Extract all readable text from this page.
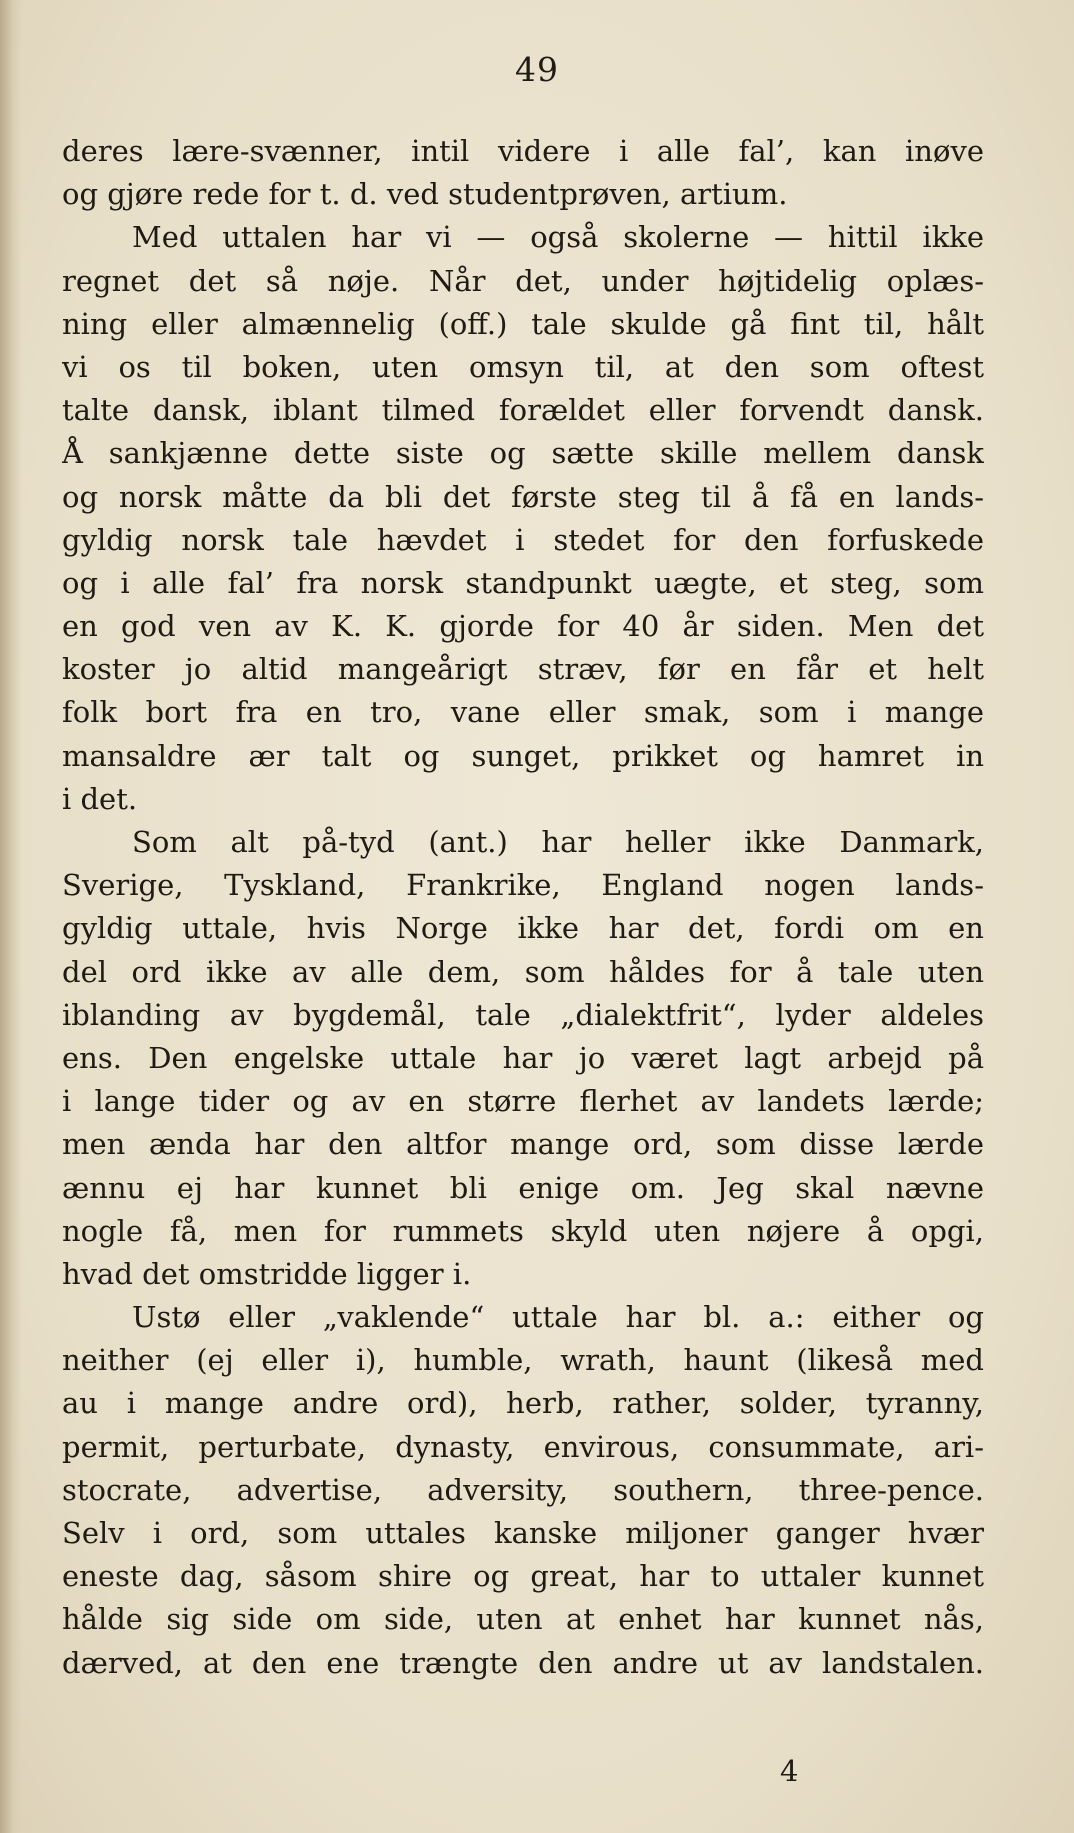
49
deres lære-svænner, intil videre i alle fal’, kan inøve
og gjøre rede for t. d. ved studentprøven, artium.
Med uttalen har vi — også skolerne — hittil ikke
regnet det så nøje. Når det, under højtidelig oplæs-
ning eller almænnelig (off.) tale skulde gå fint til, hålt
vi os til boken, uten omsyn til, at den som oftest
talte dansk, iblant tilmed forældet eller forvendt dansk.
Å sankjænne dette siste og sætte skille mellem dansk
og norsk måtte da bli det første steg til å få en lands-
gyldig norsk tale hævdet i stedet for den forfuskede
og i alle fal’ fra norsk standpunkt uægte, et steg, som
en god ven av K. K. gjorde for 40 år siden. Men det
koster jo altid mangeårigt stræv, før en får et helt
folk bort fra en tro, vane eller smak, som i mange
mansaldre ær talt og sunget, prikket og hamret in
i det.
Som alt på-tyd (ant.) har heller ikke Danmark,
Sverige, Tyskland, Frankrike, England nogen lands-
gyldig uttale, hvis Norge ikke har det, fordi om en
del ord ikke av alle dem, som håldes for å tale uten
iblanding av bygdemål, tale „dialektfrit“, lyder aldeles
ens. Den engelske uttale har jo været lagt arbejd på
i lange tider og av en større flerhet av landets lærde;
men ænda har den altfor mange ord, som disse lærde
ænnu ej har kunnet bli enige om. Jeg skal nævne
nogle få, men for rummets skyld uten nøjere å opgi,
hvad det omstridde ligger i.
Ustø eller „vaklende“ uttale har bl. a.: either og
neither (ej eller i), humble, wrath, haunt (likeså med
au i mange andre ord), herb, rather, solder, tyranny,
permit, perturbate, dynasty, envirous, consummate, ari-
stocrate, advertise, adversity, southern, three-pence.
Selv i ord, som uttales kanske miljoner ganger hvær
eneste dag, såsom shire og great, har to uttaler kunnet
hålde sig side om side, uten at enhet har kunnet nås,
dærved, at den ene trængte den andre ut av landstalen.
4
